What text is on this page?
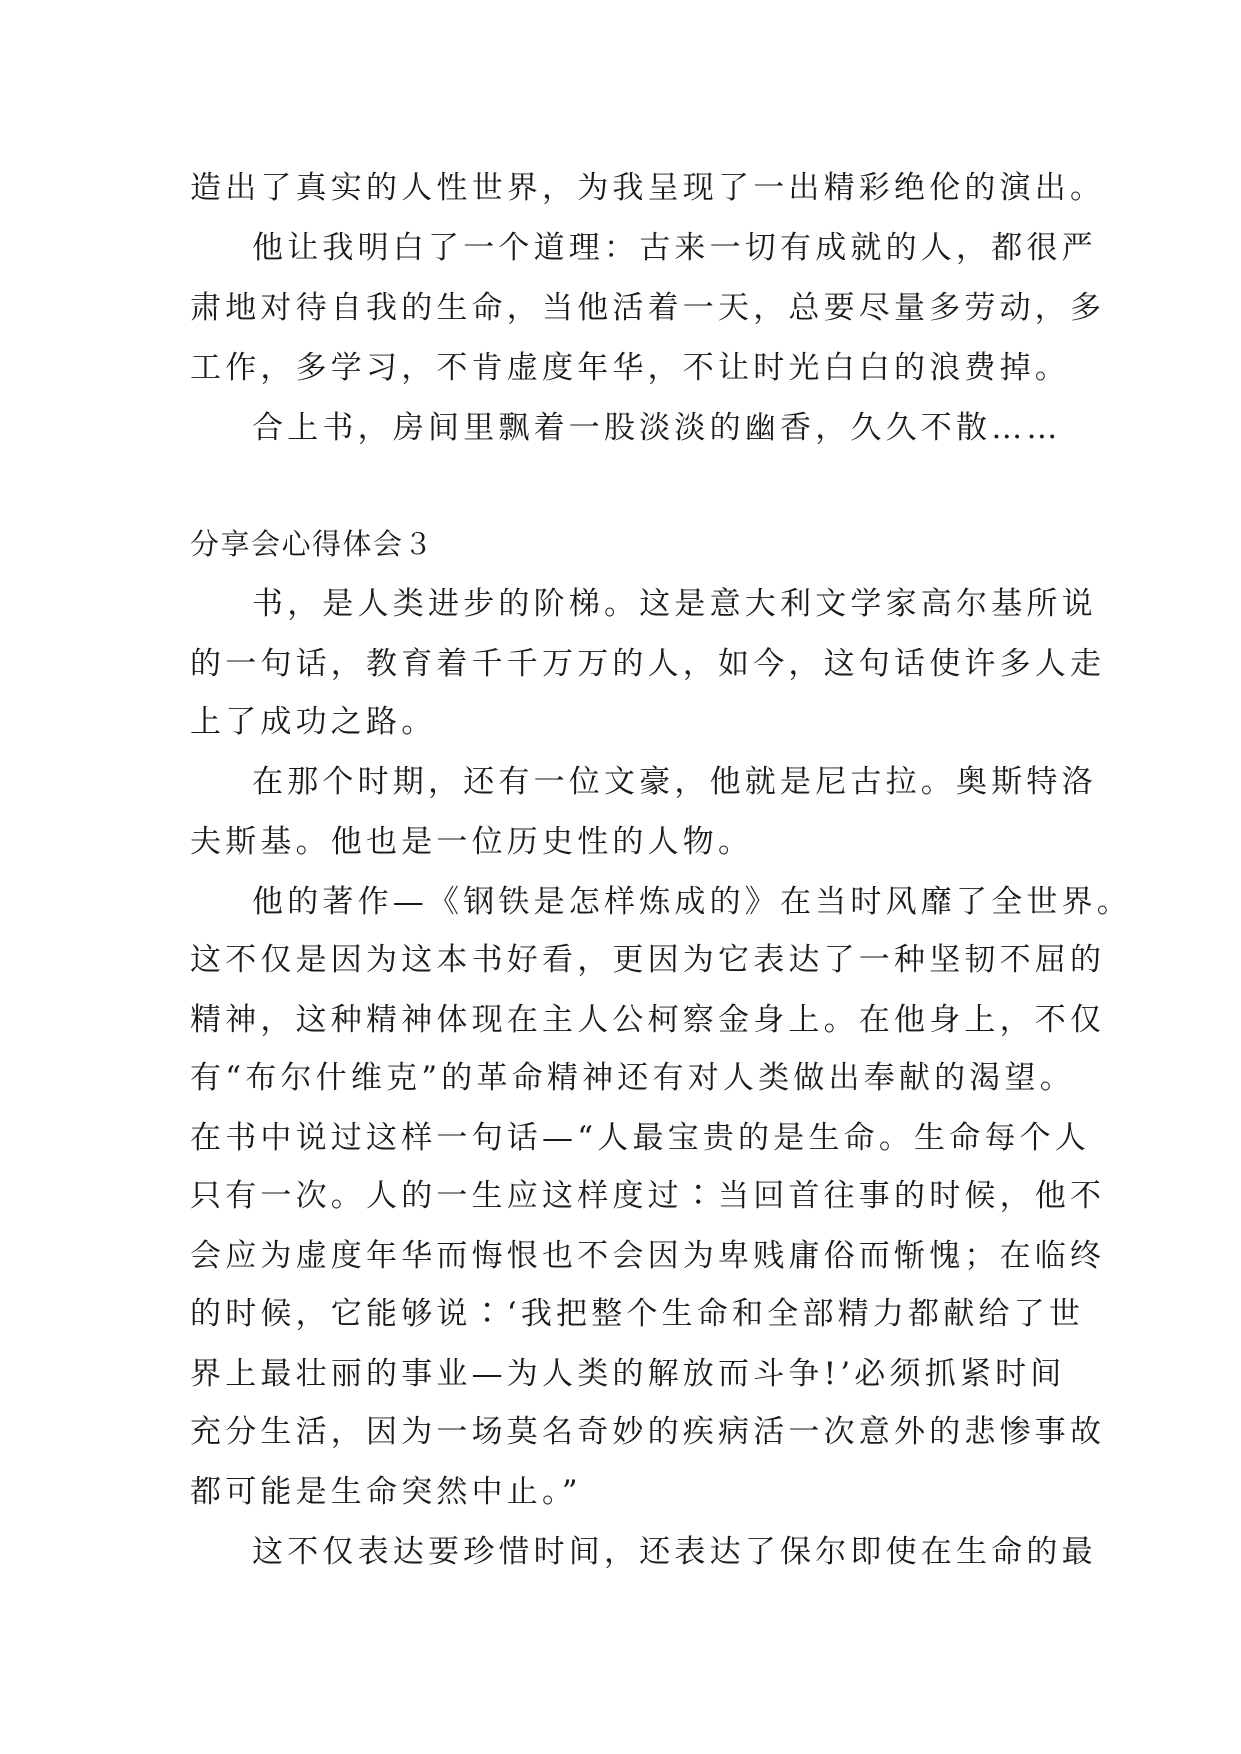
造出了真实的人性世界，为我呈现了一出精彩绝伦的演出。
他让我明白了一个道理：古来一切有成就的人，都很严
肃地对待自我的生命，当他活着一天，总要尽量多劳动，多
工作，多学习，不肯虚度年华，不让时光白白的浪费掉。
合上书，房间里飘着一股淡淡的幽香，久久不散……
分享会心得体会３
书，是人类进步的阶梯。这是意大利文学家高尔基所说
的一句话，教育着千千万万的人，如今，这句话使许多人走
上了成功之路。
在那个时期，还有一位文豪，他就是尼古拉。奥斯特洛
夫斯基。他也是一位历史性的人物。
他的著作—《钢铁是怎样炼成的》在当时风靡了全世界。
这不仅是因为这本书好看，更因为它表达了一种坚韧不屈的
精神，这种精神体现在主人公柯察金身上。在他身上，不仅
有“布尔什维克”的革命精神还有对人类做出奉献的渴望。
在书中说过这样一句话—“人最宝贵的是生命。生命每个人
只有一次。人的一生应这样度过∶当回首往事的时候，他不
会应为虚度年华而悔恨也不会因为卑贱庸俗而惭愧；在临终
的时候，它能够说∶‘我把整个生命和全部精力都献给了世
界上最壮丽的事业—为人类的解放而斗争!’必须抓紧时间
充分生活，因为一场莫名奇妙的疾病活一次意外的悲惨事故
都可能是生命突然中止。”
这不仅表达要珍惜时间，还表达了保尔即使在生命的最
